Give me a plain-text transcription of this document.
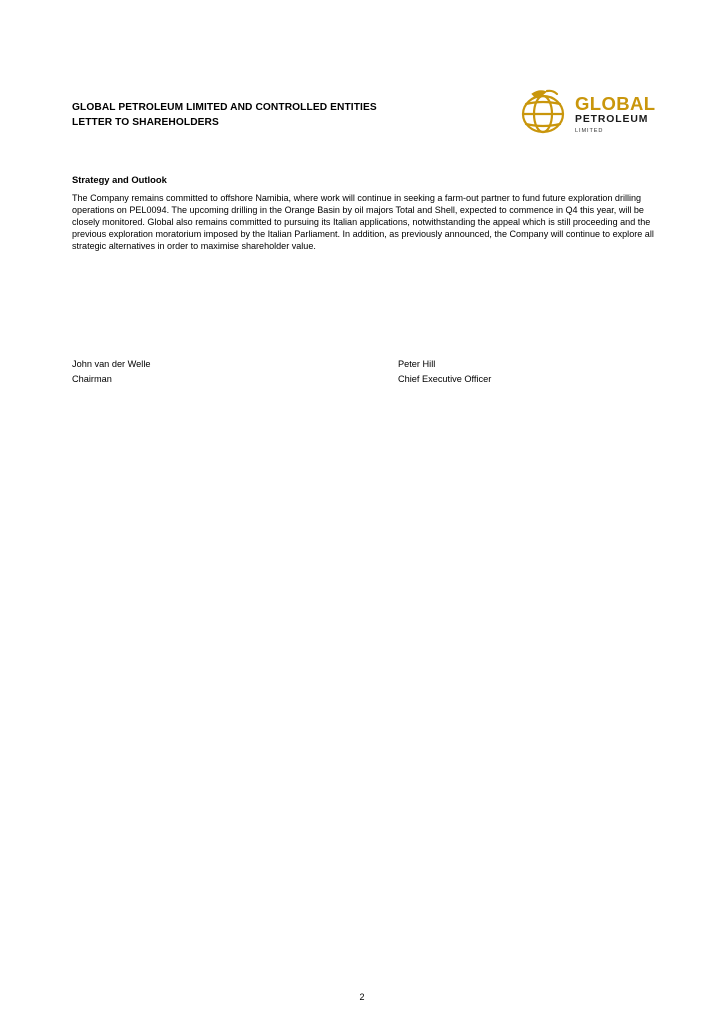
GLOBAL PETROLEUM LIMITED AND CONTROLLED ENTITIES
LETTER TO SHAREHOLDERS
GLOBAL
PETROLEUM
LIMITED
Strategy and Outlook

The Company remains committed to offshore Namibia, where work will continue in seeking a farm-out partner to fund future exploration drilling operations on PEL0094. The upcoming drilling in the Orange Basin by oil majors Total and Shell, expected to commence in Q4 this year, will be closely monitored. Global also remains committed to pursuing its Italian applications, notwithstanding the appeal which is still proceeding and the previous exploration moratorium imposed by the Italian Parliament. In addition, as previously announced, the Company will continue to explore all strategic alternatives in order to maximise shareholder value.

John van der Welle
Chairman
Peter Hill
Chief Executive Officer
2
